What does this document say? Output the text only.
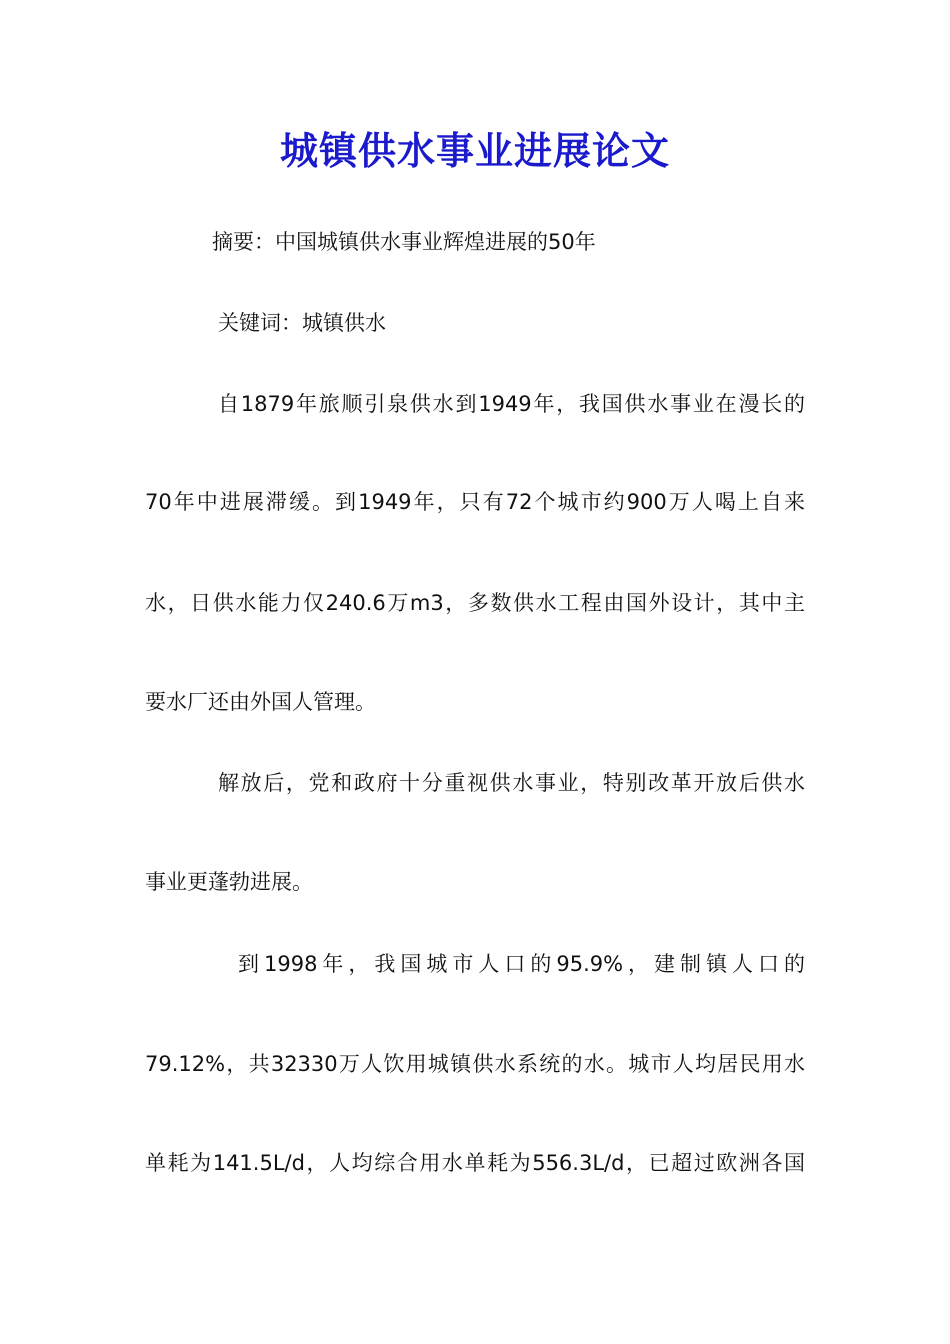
城镇供水事业进展论文
摘要：中国城镇供水事业辉煌进展的50年
关键词：城镇供水
自1879年旅顺引泉供水到1949年，我国供水事业在漫长的
70年中进展滞缓。到1949年，只有72个城市约900万人喝上自来
水，日供水能力仅240.6万m3，多数供水工程由国外设计，其中主
要水厂还由外国人管理。
解放后，党和政府十分重视供水事业，特别改革开放后供水
事业更蓬勃进展。
到1998年，我国城市人口的95.9%，建制镇人口的
79.12%，共32330万人饮用城镇供水系统的水。城市人均居民用水
单耗为141.5L/d，人均综合用水单耗为556.3L/d，已超过欧洲各国
